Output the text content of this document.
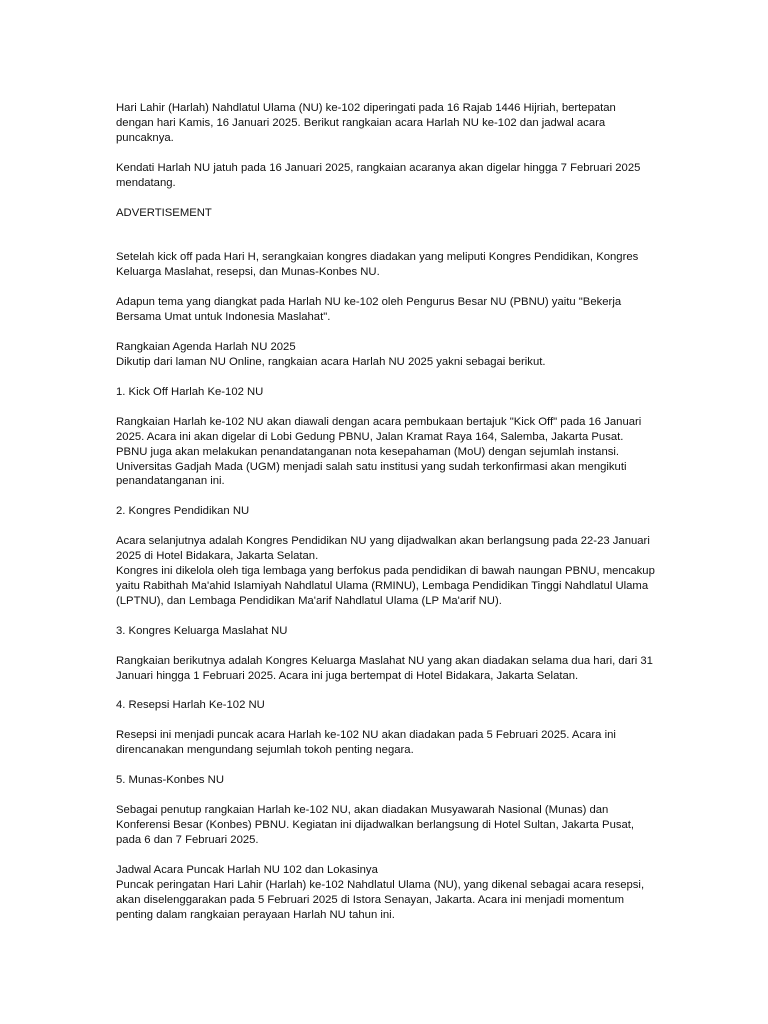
Hari Lahir (Harlah) Nahdlatul Ulama (NU) ke-102 diperingati pada 16 Rajab 1446 Hijriah, bertepatan dengan hari Kamis, 16 Januari 2025. Berikut rangkaian acara Harlah NU ke-102 dan jadwal acara puncaknya.

Kendati Harlah NU jatuh pada 16 Januari 2025, rangkaian acaranya akan digelar hingga 7 Februari 2025 mendatang.

ADVERTISEMENT

Setelah kick off pada Hari H, serangkaian kongres diadakan yang meliputi Kongres Pendidikan, Kongres Keluarga Maslahat, resepsi, dan Munas-Konbes NU.

Adapun tema yang diangkat pada Harlah NU ke-102 oleh Pengurus Besar NU (PBNU) yaitu "Bekerja Bersama Umat untuk Indonesia Maslahat".

Rangkaian Agenda Harlah NU 2025

Dikutip dari laman NU Online, rangkaian acara Harlah NU 2025 yakni sebagai berikut.

1. Kick Off Harlah Ke-102 NU

Rangkaian Harlah ke-102 NU akan diawali dengan acara pembukaan bertajuk "Kick Off" pada 16 Januari 2025. Acara ini akan digelar di Lobi Gedung PBNU, Jalan Kramat Raya 164, Salemba, Jakarta Pusat.

PBNU juga akan melakukan penandatanganan nota kesepahaman (MoU) dengan sejumlah instansi. Universitas Gadjah Mada (UGM) menjadi salah satu institusi yang sudah terkonfirmasi akan mengikuti penandatanganan ini.

2. Kongres Pendidikan NU

Acara selanjutnya adalah Kongres Pendidikan NU yang dijadwalkan akan berlangsung pada 22-23 Januari 2025 di Hotel Bidakara, Jakarta Selatan.

Kongres ini dikelola oleh tiga lembaga yang berfokus pada pendidikan di bawah naungan PBNU, mencakup yaitu Rabithah Ma'ahid Islamiyah Nahdlatul Ulama (RMINU), Lembaga Pendidikan Tinggi Nahdlatul Ulama (LPTNU), dan Lembaga Pendidikan Ma'arif Nahdlatul Ulama (LP Ma'arif NU).

3. Kongres Keluarga Maslahat NU

Rangkaian berikutnya adalah Kongres Keluarga Maslahat NU yang akan diadakan selama dua hari, dari 31 Januari hingga 1 Februari 2025. Acara ini juga bertempat di Hotel Bidakara, Jakarta Selatan.

4. Resepsi Harlah Ke-102 NU

Resepsi ini menjadi puncak acara Harlah ke-102 NU akan diadakan pada 5 Februari 2025. Acara ini direncanakan mengundang sejumlah tokoh penting negara.

5. Munas-Konbes NU

Sebagai penutup rangkaian Harlah ke-102 NU, akan diadakan Musyawarah Nasional (Munas) dan Konferensi Besar (Konbes) PBNU. Kegiatan ini dijadwalkan berlangsung di Hotel Sultan, Jakarta Pusat, pada 6 dan 7 Februari 2025.

Jadwal Acara Puncak Harlah NU 102 dan Lokasinya

Puncak peringatan Hari Lahir (Harlah) ke-102 Nahdlatul Ulama (NU), yang dikenal sebagai acara resepsi, akan diselenggarakan pada 5 Februari 2025 di Istora Senayan, Jakarta. Acara ini menjadi momentum penting dalam rangkaian perayaan Harlah NU tahun ini.
